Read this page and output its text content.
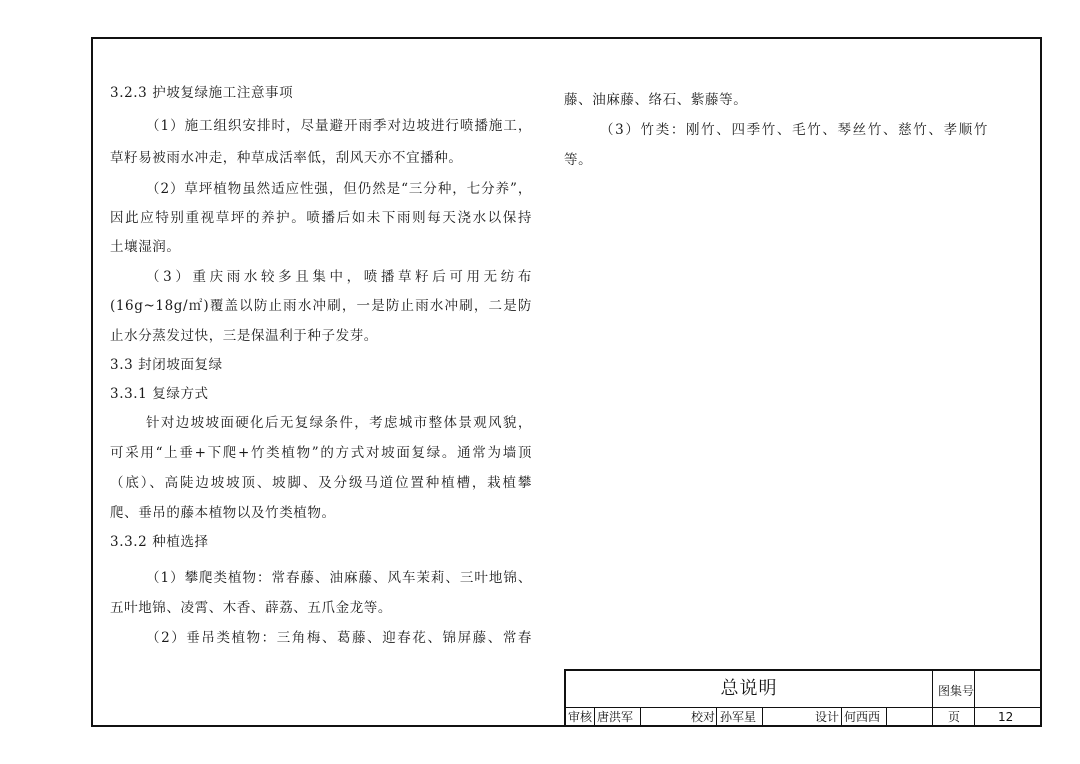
3.2.3 护坡复绿施工注意事项
（1）施工组织安排时，尽量避开雨季对边坡进行喷播施工，
草籽易被雨水冲走，种草成活率低，刮风天亦不宜播种。
（2）草坪植物虽然适应性强，但仍然是“三分种，七分养”，
因此应特别重视草坪的养护。喷播后如未下雨则每天浇水以保持
土壤湿润。
（3）重庆雨水较多且集中，喷播草籽后可用无纺布
(16g~18g/㎡)覆盖以防止雨水冲刷，一是防止雨水冲刷，二是防
止水分蒸发过快，三是保温利于种子发芽。
3.3 封闭坡面复绿
3.3.1 复绿方式
针对边坡坡面硬化后无复绿条件，考虑城市整体景观风貌，
可采用“上垂+下爬+竹类植物”的方式对坡面复绿。通常为墙顶
（底）、高陡边坡坡顶、坡脚、及分级马道位置种植槽，栽植攀
爬、垂吊的藤本植物以及竹类植物。
3.3.2 种植选择
（1）攀爬类植物：常春藤、油麻藤、风车茉莉、三叶地锦、
五叶地锦、凌霄、木香、薜荔、五爪金龙等。
（2）垂吊类植物：三角梅、葛藤、迎春花、锦屏藤、常春
藤、油麻藤、络石、紫藤等。
（3）竹类：刚竹、四季竹、毛竹、琴丝竹、慈竹、孝顺竹
等。
总说明	图集号
审核 唐洪军	校对 孙军星	设计 何西西	页	12
